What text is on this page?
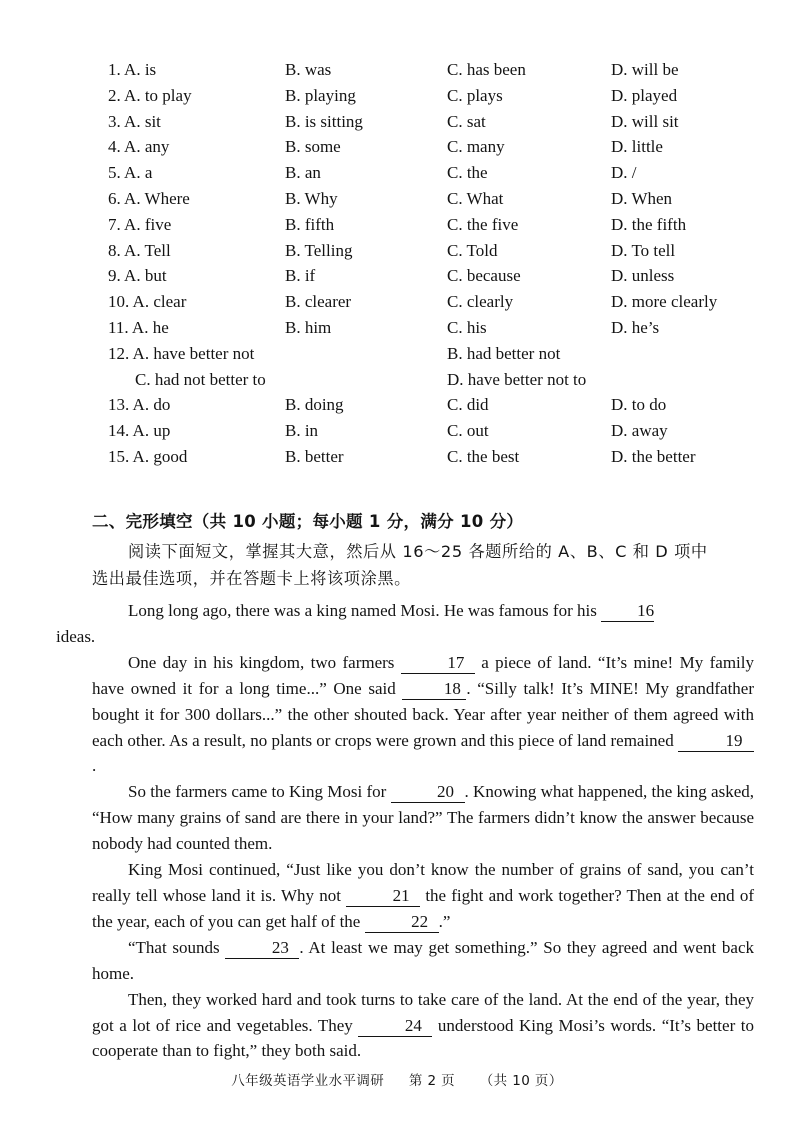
1. A. is	B. was	C. has been	D. will be
2. A. to play	B. playing	C. plays	D. played
3. A. sit	B. is sitting	C. sat	D. will sit
4. A. any	B. some	C. many	D. little
5. A. a	B. an	C. the	D. /
6. A. Where	B. Why	C. What	D. When
7. A. five	B. fifth	C. the five	D. the fifth
8. A. Tell	B. Telling	C. Told	D. To tell
9. A. but	B. if	C. because	D. unless
10. A. clear	B. clearer	C. clearly	D. more clearly
11. A. he	B. him	C. his	D. he’s
12. A. have better not	B. had better not
C. had not better to	D. have better not to
13. A. do	B. doing	C. did	D. to do
14. A. up	B. in	C. out	D. away
15. A. good	B. better	C. the best	D. the better
二、完形填空（共 10 小题；每小题 1 分，满分 10 分）

阅读下面短文，掌握其大意，然后从 16～25 各题所给的 A、B、C 和 D 项中

选出最佳选项，并在答题卡上将该项涂黑。

Long long ago, there was a king named Mosi. He was famous for his 16
ideas.

One day in his kingdom, two farmers	17 a piece of land. “It’s mine! My family have owned it for a long time...” One said 18 . “Silly talk! It’s MINE! My grandfather bought it for 300 dollars...” the other shouted back. Year after year neither of them agreed with each other. As a result, no plants or crops were grown and this piece of land remained	19.

So the farmers came to King Mosi for	20 . Knowing what happened, the king asked, “How many grains of sand are there in your land?” The farmers didn’t know the answer because nobody had counted them.

King Mosi continued, “Just like you don’t know the number of grains of sand, you can’t really tell whose land it is. Why not	21 the fight and work together? Then at the end of the year, each of you can get half of the	22 .”

“That sounds	23 . At least we may get something.” So they agreed and went back home.

Then, they worked hard and took turns to take care of the land. At the end of the year, they got a lot of rice and vegetables. They	24 understood King Mosi’s words. “It’s better to cooperate than to fight,” they both said.

八年级英语学业水平调研 第 2 页 （共 10 页）
